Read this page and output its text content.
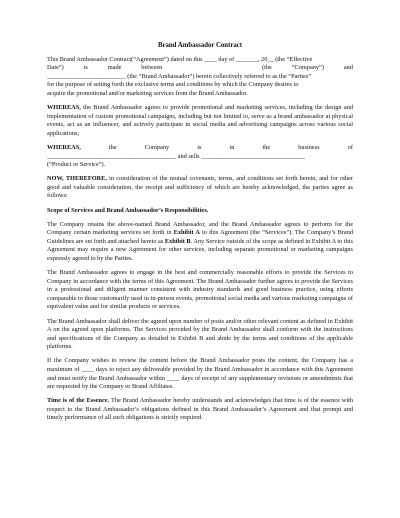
Brand Ambassador Contract
This Brand Ambassador Contract(“Agreement”) dated on this ____ day of _______, 20__ (the “Effective
Date”)	is	made	between	(the	“Company”)	and
_________________________ (the “Brand Ambassador”) herein collectively referred to as the “Parties”
for the purpose of setting forth the exclusive terms and conditions by which the Company desires to
acquire the promotional and/or marketing services from the Brand Ambassador.

WHEREAS, the Brand Ambassador agrees to provide promotional and marketing services, including the design and implementation of custom promotional campaigns, including but not limited to, serve as a brand ambassador at physical events, act as an influencer, and actively participate in social media and advertising campaigns across various social applications;

WHEREAS,	the	Company	is	in	the	business	of
_________________________________________ and sells _________________________________
(“Product or Service”).

NOW, THEREFORE, in consideration of the mutual covenants, terms, and conditions set forth herein, and for other good and valuable consideration, the receipt and sufficiency of which are hereby acknowledged, the parties agree as follows:

Scope of Services and Brand Ambassador’s Responsibilities.

The Company retains the above-named Brand Ambassador, and the Brand Ambassador agrees to perform for the Company certain marketing services set forth in Exhibit A to this Agreement (the “Services”). The Company’s Brand Guidelines are set forth and attached hereto as Exhibit B. Any Service outside of the scope as defined in Exhibit A to this Agreement may require a new Agreement for other services, including separate promotional or marketing campaigns expressly agreed to by the Parties.

The Brand Ambassador agrees to engage in the best and commercially reasonable efforts to provide the Services to Company in accordance with the terms of this Agreement. The Brand Ambassador further agrees to provide the Services in a professional and diligent manner consistent with industry standards and good business practice, using efforts comparable to those customarily used in in-person events, promotional social media and various marketing campaigns of equivalent value and for similar products or services.

The Brand Ambassador shall deliver the agreed upon number of posts and/or other relevant content as defined in Exhibit A on the agreed upon platforms. The Services provided by the Brand Ambassador shall conform with the instructions and specifications of the Company as detailed in Exhibit B and abide by the terms and conditions of the applicable platforms.

If the Company wishes to review the content before the Brand Ambassador posts the content, the Company has a maximum of ____ days to reject any deliverable provided by the Brand Ambassador in accordance with this Agreement and must notify the Brand Ambassador within ____ days of receipt of any supplementary revisions or amendments that are requested by the Company or Brand Affiliates.

Time is of the Essence. The Brand Ambassador hereby understands and acknowledges that time is of the essence with respect to the Brand Ambassador’s obligations defined in this Brand Ambassador’s Agreement and that prompt and timely performance of all such obligations is strictly required.
